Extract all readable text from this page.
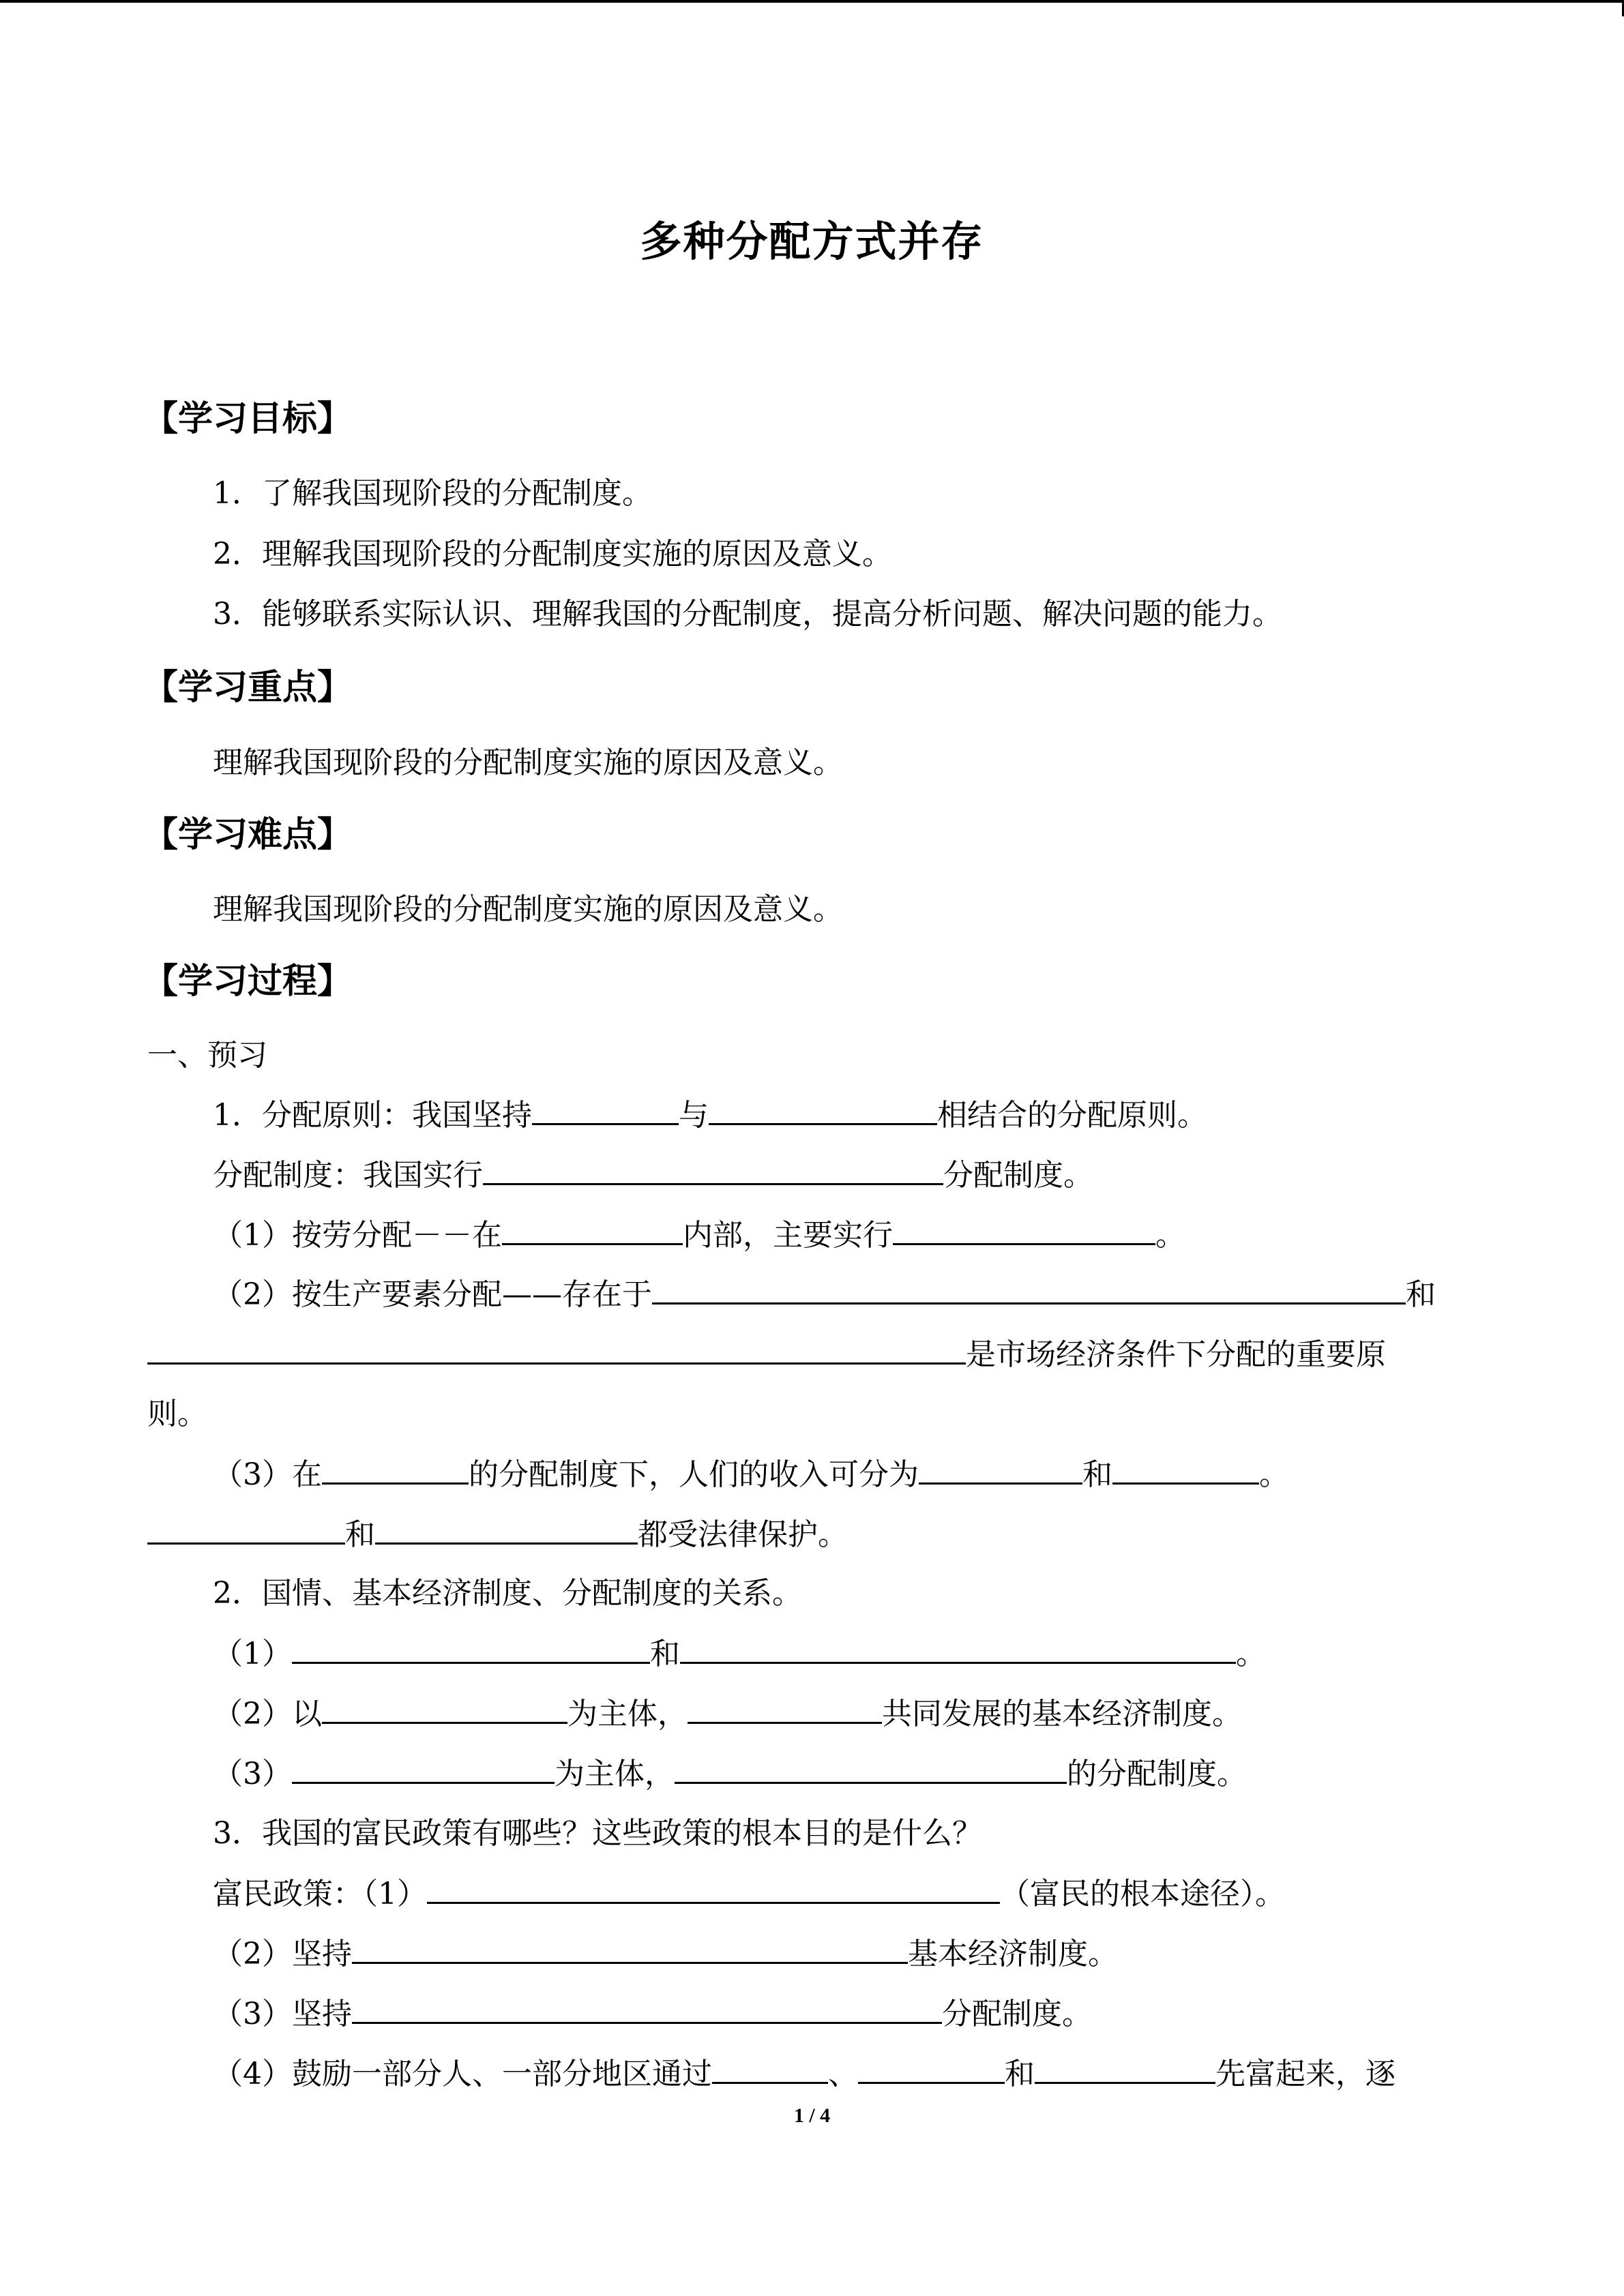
多种分配方式并存
【学习目标】
1．了解我国现阶段的分配制度。
2．理解我国现阶段的分配制度实施的原因及意义。
3．能够联系实际认识、理解我国的分配制度，提高分析问题、解决问题的能力。
【学习重点】
理解我国现阶段的分配制度实施的原因及意义。
【学习难点】
理解我国现阶段的分配制度实施的原因及意义。
【学习过程】
一、预习
1．分配原则：我国坚持	与	相结合的分配原则。
分配制度：我国实行	分配制度。
（1）按劳分配－－在	内部，主要实行	。
（2）按生产要素分配——存在于	和
是市场经济条件下分配的重要原
则。
（3）在	的分配制度下，人们的收入可分为	和	。
和	都受法律保护。
2．国情、基本经济制度、分配制度的关系。
（1）	和	。
（2）以	为主体，	共同发展的基本经济制度。
（3）	为主体，	的分配制度。
3．我国的富民政策有哪些？这些政策的根本目的是什么？
富民政策：（1）	（富民的根本途径）。
（2）坚持	基本经济制度。
（3）坚持	分配制度。
（4）鼓励一部分人、一部分地区通过	、	和	先富起来，逐
1 / 4
